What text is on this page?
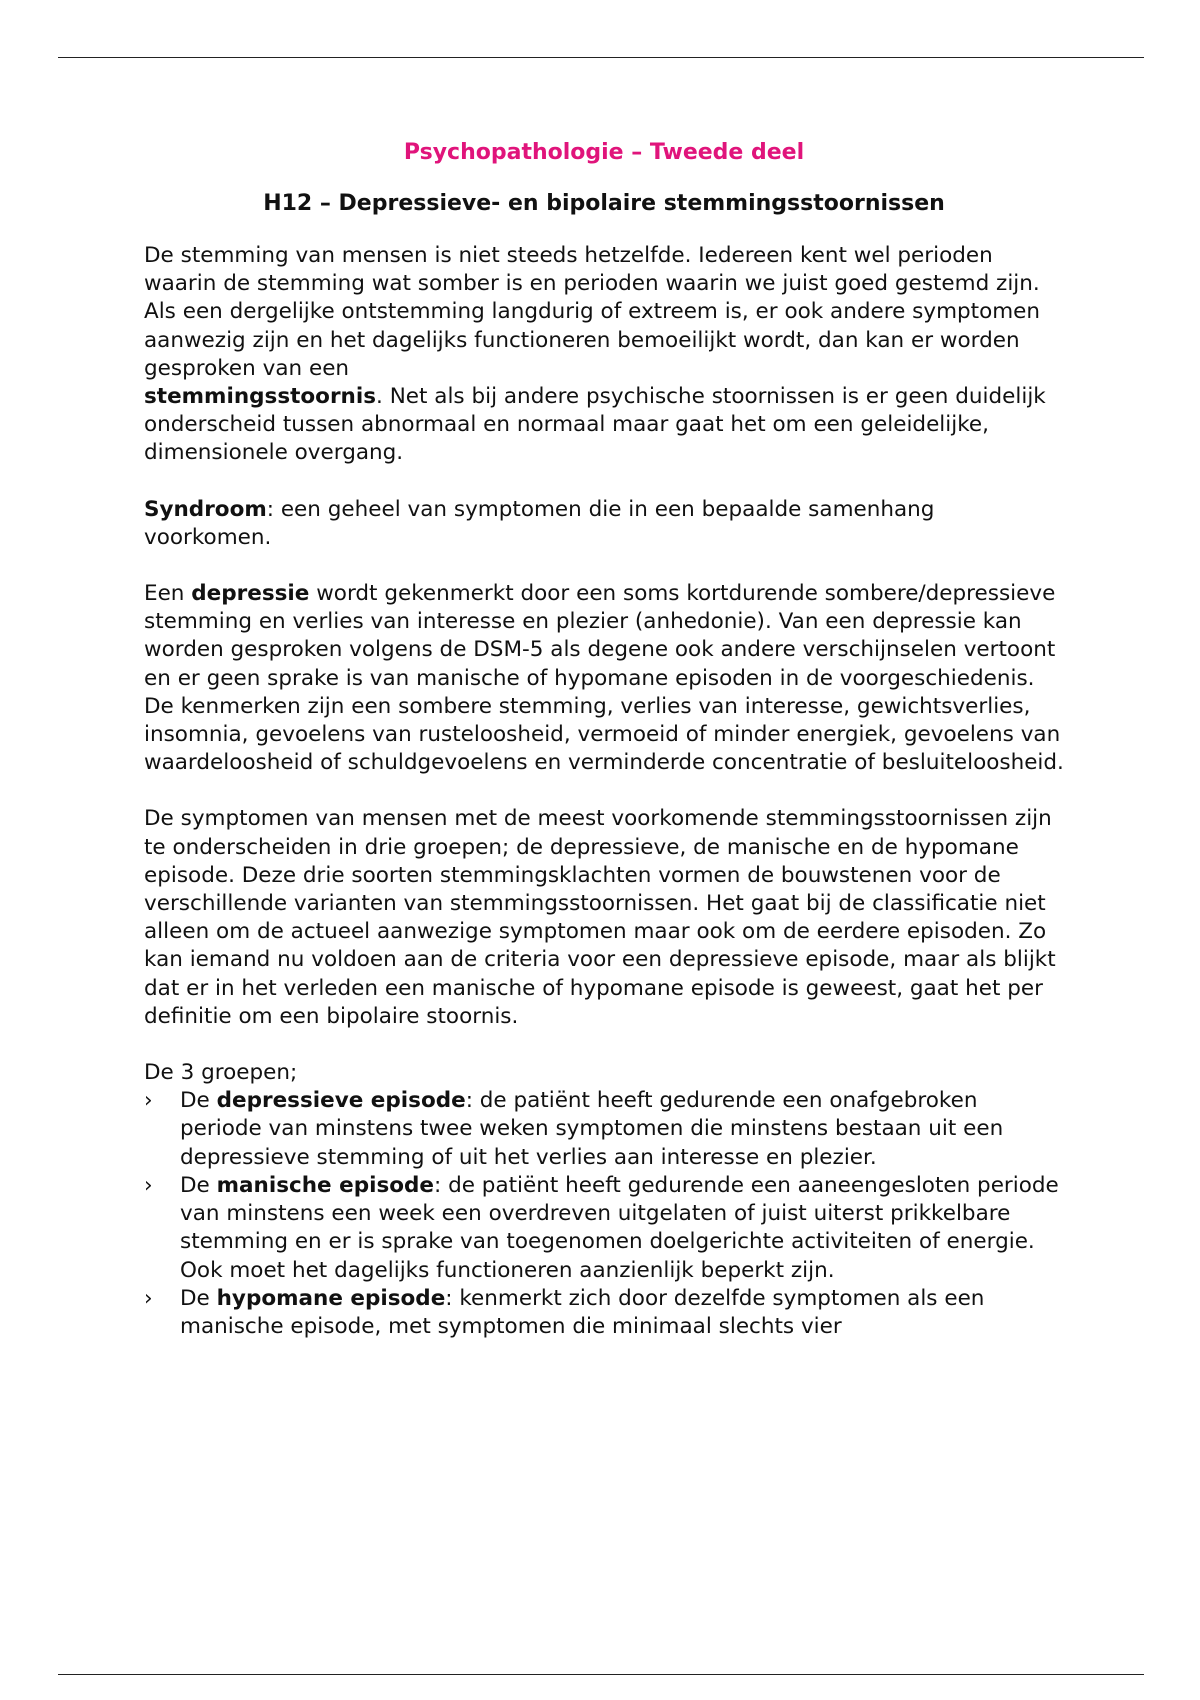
Psychopathologie – Tweede deel
H12 – Depressieve- en bipolaire stemmingsstoornissen

De stemming van mensen is niet steeds hetzelfde. Iedereen kent wel perioden waarin de stemming wat somber is en perioden waarin we juist goed gestemd zijn. Als een dergelijke ontstemming langdurig of extreem is, er ook andere symptomen aanwezig zijn en het dagelijks functioneren bemoeilijkt wordt, dan kan er worden gesproken van een
stemmingsstoornis. Net als bij andere psychische stoornissen is er geen duidelijk onderscheid tussen abnormaal en normaal maar gaat het om een geleidelijke, dimensionele overgang.

Syndroom: een geheel van symptomen die in een bepaalde samenhang voorkomen.

Een depressie wordt gekenmerkt door een soms kortdurende sombere/depressieve stemming en verlies van interesse en plezier (anhedonie). Van een depressie kan worden gesproken volgens de DSM-5 als degene ook andere verschijnselen vertoont en er geen sprake is van manische of hypomane episoden in de voorgeschiedenis. De kenmerken zijn een sombere stemming, verlies van interesse, gewichtsverlies, insomnia, gevoelens van rusteloosheid, vermoeid of minder energiek, gevoelens van waardeloosheid of schuldgevoelens en verminderde concentratie of besluiteloosheid.

De symptomen van mensen met de meest voorkomende stemmingsstoornissen zijn te onderscheiden in drie groepen; de depressieve, de manische en de hypomane episode. Deze drie soorten stemmingsklachten vormen de bouwstenen voor de verschillende varianten van stemmingsstoornissen. Het gaat bij de classificatie niet alleen om de actueel aanwezige symptomen maar ook om de eerdere episoden. Zo kan iemand nu voldoen aan de criteria voor een depressieve episode, maar als blijkt dat er in het verleden een manische of hypomane episode is geweest, gaat het per definitie om een bipolaire stoornis.

De 3 groepen;

› De depressieve episode: de patiënt heeft gedurende een onafgebroken periode van minstens twee weken symptomen die minstens bestaan uit een depressieve stemming of uit het verlies aan interesse en plezier.
› De manische episode: de patiënt heeft gedurende een aaneengesloten periode van minstens een week een overdreven uitgelaten of juist uiterst prikkelbare stemming en er is sprake van toegenomen doelgerichte activiteiten of energie. Ook moet het dagelijks functioneren aanzienlijk beperkt zijn.
› De hypomane episode: kenmerkt zich door dezelfde symptomen als een manische episode, met symptomen die minimaal slechts vier
